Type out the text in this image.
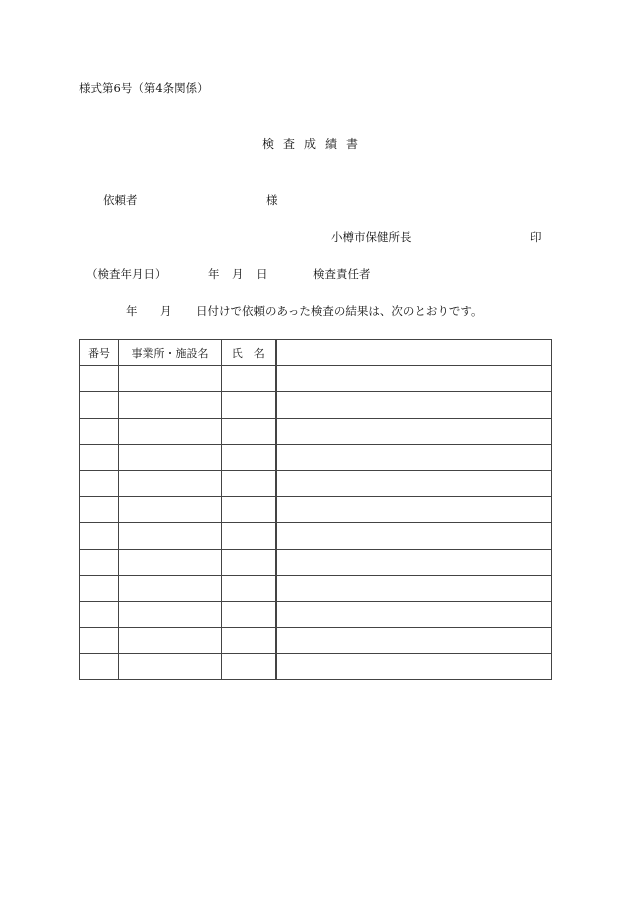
様式第6号（第4条関係）
検査成績書
依頼者	様
小樽市保健所長	印
（検査年月日）	年 月 日	検査責任者
年 月 日付けで依頼のあった検査の結果は、次のとおりです。
番号	事業所・施設名	氏　名	
